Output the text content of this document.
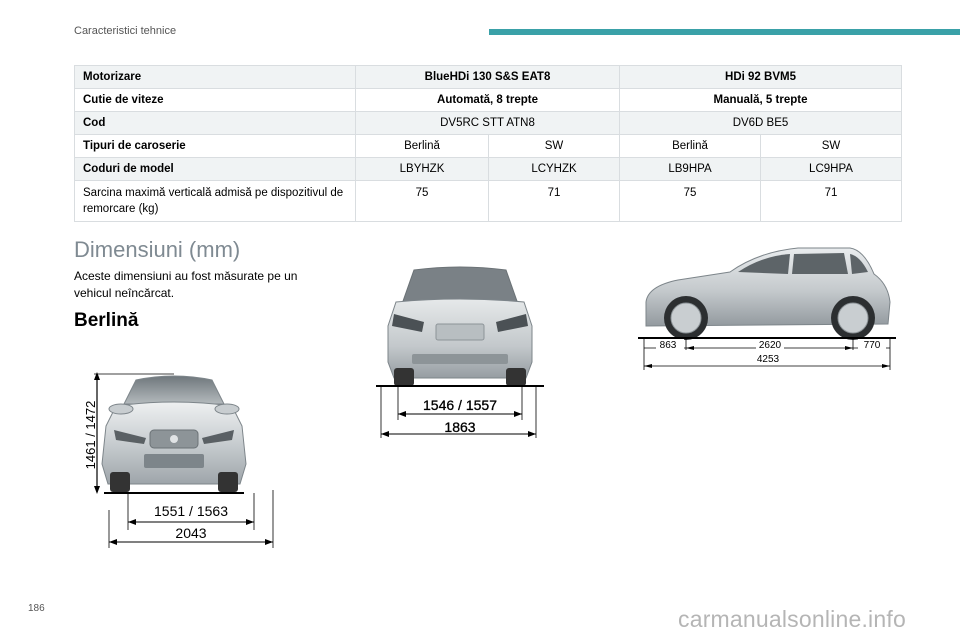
Caracteristici tehnice
Motorizare	BlueHDi 130 S&S EAT8		HDi 92 BVM5	
Cutie de viteze	Automată, 8 trepte		Manuală, 5 trepte	
Cod	DV5RC STT ATN8		DV6D BE5	
Tipuri de caroserie	Berlină	SW	Berlină	SW
Coduri de model	LBYHZK	LCYHZK	LB9HPA	LC9HPA
Sarcina maximă verticală admisă pe dispozitivul de remorcare (kg)	75	71	75	71
Dimensiuni (mm)
Aceste dimensiuni au fost măsurate pe un vehicul neîncărcat.
Berlină
1461 / 1472
1551 / 1563
2043
1546 / 1557
1863
863	2620	770
4253
186	carmanualsonline.info
